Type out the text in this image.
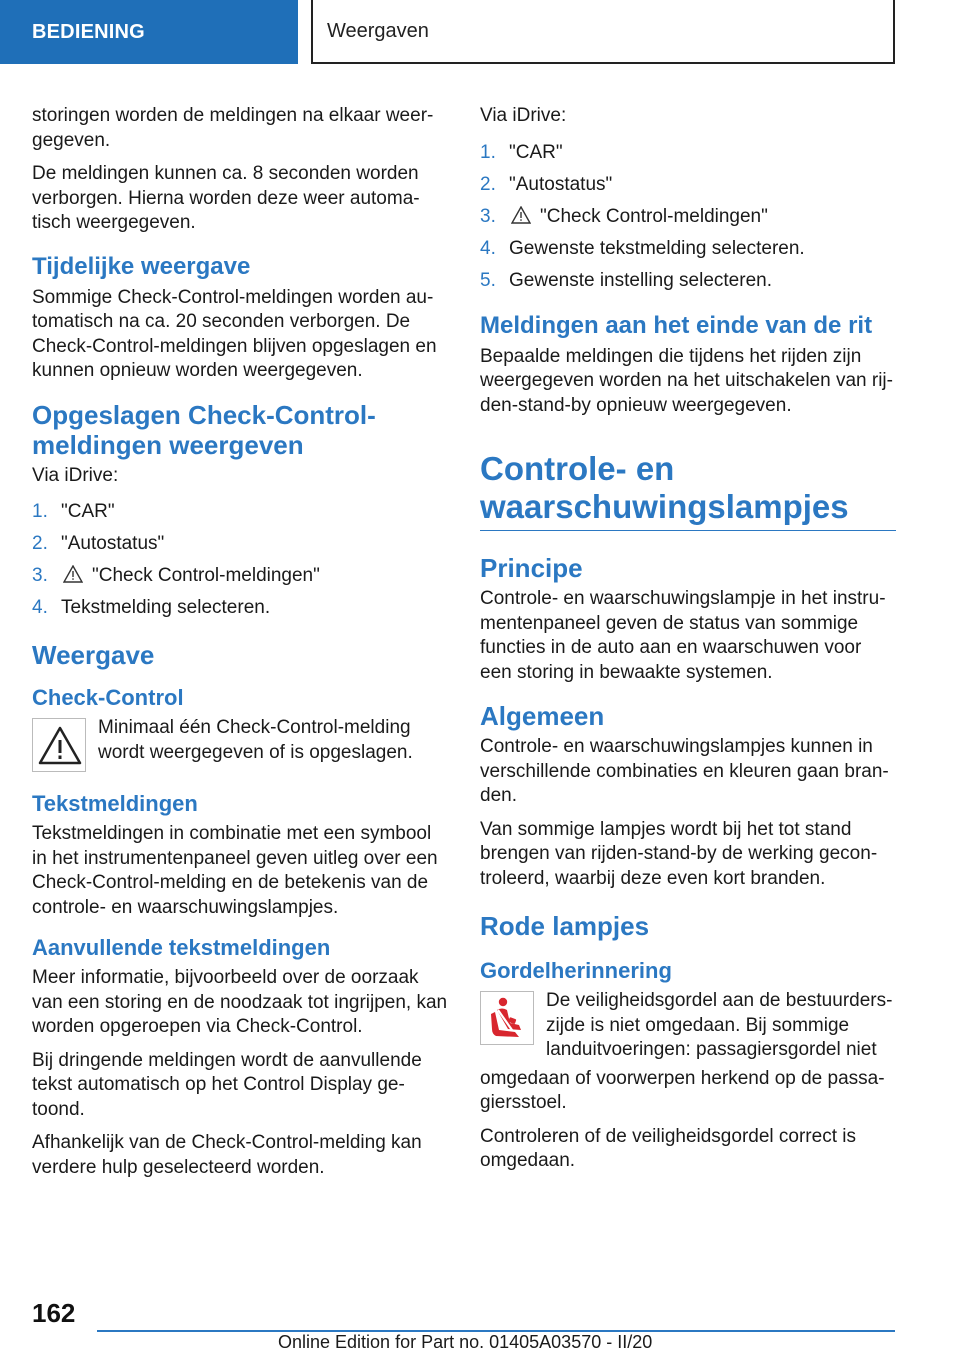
BEDIENING	Weergaven

storingen worden de meldingen na elkaar weergegeven.

De meldingen kunnen ca. 8 seconden worden verborgen. Hierna worden deze weer automatisch weergegeven.

Tijdelijke weergave

Sommige Check-Control-meldingen worden automatisch na ca. 20 seconden verborgen. De Check-Control-meldingen blijven opgeslagen en kunnen opnieuw worden weergegeven.

Opgeslagen Check-Control-meldingen weergeven

Via iDrive:

1. "CAR"
2. "Autostatus"
3.	"Check Control-meldingen"
4. Tekstmelding selecteren.
Weergave
Check-Control
Minimaal één Check-Control-melding wordt weergegeven of is opgeslagen.
Tekstmeldingen

Tekstmeldingen in combinatie met een symbool in het instrumentenpaneel geven uitleg over een Check-Control-melding en de betekenis van de controle- en waarschuwingslampjes.

Aanvullende tekstmeldingen

Meer informatie, bijvoorbeeld over de oorzaak van een storing en de noodzaak tot ingrijpen, kan worden opgeroepen via Check-Control.

Bij dringende meldingen wordt de aanvullende tekst automatisch op het Control Display getoond.

Afhankelijk van de Check-Control-melding kan verdere hulp geselecteerd worden.

Via iDrive:

1. "CAR"
2. "Autostatus"
3.	"Check Control-meldingen"
4. Gewenste tekstmelding selecteren.
5. Gewenste instelling selecteren.
Meldingen aan het einde van de rit

Bepaalde meldingen die tijdens het rijden zijn weergegeven worden na het uitschakelen van rijden-stand-by opnieuw weergegeven.

Controle- en waarschuwingslampjes
Principe

Controle- en waarschuwingslampje in het instrumentenpaneel geven de status van sommige functies in de auto aan en waarschuwen voor een storing in bewaakte systemen.

Algemeen

Controle- en waarschuwingslampjes kunnen in verschillende combinaties en kleuren gaan branden.

Van sommige lampjes wordt bij het tot stand brengen van rijden-stand-by de werking gecontroleerd, waarbij deze even kort branden.

Rode lampjes
Gordelherinnering
De veiligheidsgordel aan de bestuurderszijde is niet omgedaan. Bij sommige landuitvoeringen: passagiersgordel niet

omgedaan of voorwerpen herkend op de passagiersstoel.

Controleren of de veiligheidsgordel correct is omgedaan.

162
Online Edition for Part no. 01405A03570 - II/20
